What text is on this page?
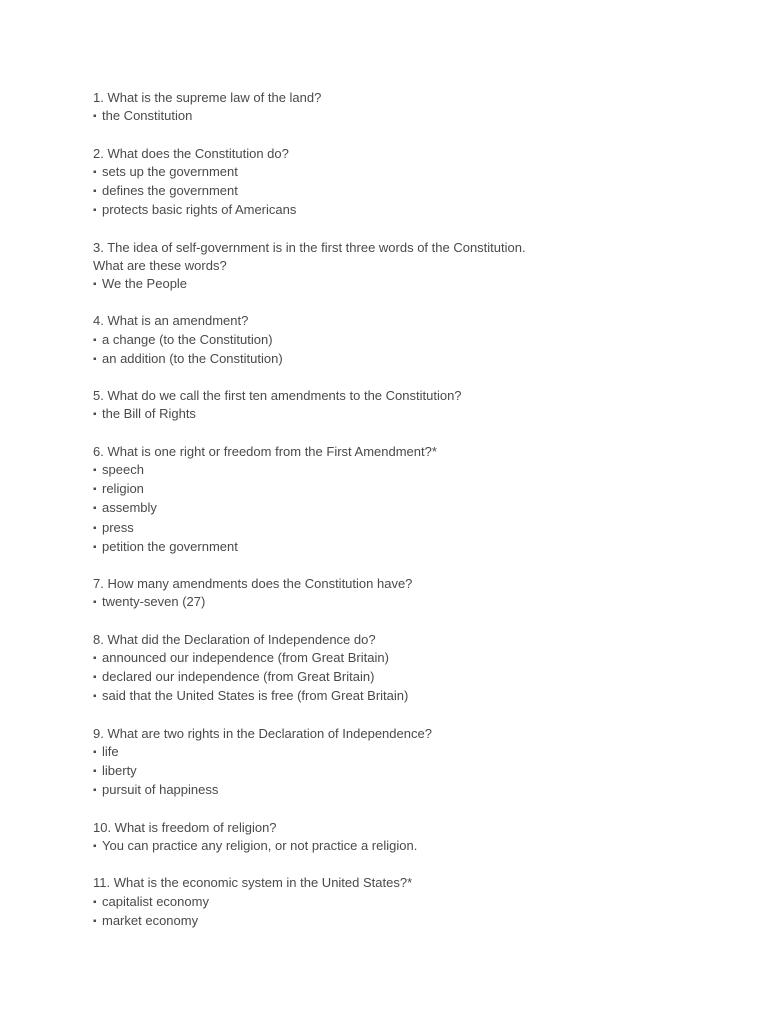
1. What is the supreme law of the land?
▪ the Constitution
2. What does the Constitution do?
▪ sets up the government
▪ defines the government
▪ protects basic rights of Americans
3. The idea of self-government is in the first three words of the Constitution.
What are these words?
▪ We the People
4. What is an amendment?
▪ a change (to the Constitution)
▪ an addition (to the Constitution)
5. What do we call the first ten amendments to the Constitution?
▪ the Bill of Rights
6. What is one right or freedom from the First Amendment?*
▪ speech
▪ religion
▪ assembly
▪ press
▪ petition the government
7. How many amendments does the Constitution have?
▪ twenty-seven (27)
8. What did the Declaration of Independence do?
▪ announced our independence (from Great Britain)
▪ declared our independence (from Great Britain)
▪ said that the United States is free (from Great Britain)
9. What are two rights in the Declaration of Independence?
▪ life
▪ liberty
▪ pursuit of happiness
10. What is freedom of religion?
▪ You can practice any religion, or not practice a religion.
11. What is the economic system in the United States?*
▪ capitalist economy
▪ market economy
